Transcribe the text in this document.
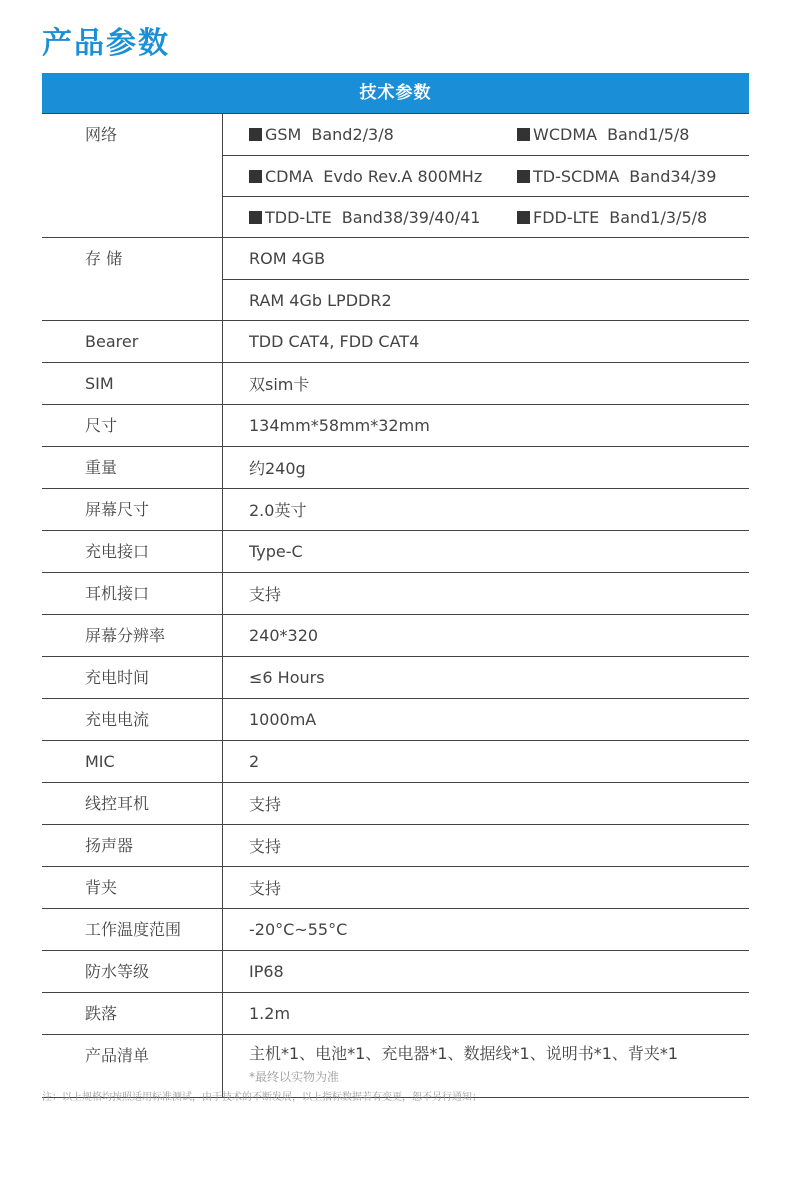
产品参数
技术参数
网络	GSM Band2/3/8	WCDMA Band1/5/8
CDMA Evdo Rev.A 800MHz	TD-SCDMA Band34/39
TDD-LTE Band38/39/40/41	FDD-LTE Band1/3/5/8
存 储	ROM 4GB
RAM 4Gb LPDDR2
Bearer	TDD CAT4, FDD CAT4
SIM	双sim卡
尺寸	134mm*58mm*32mm
重量	约240g
屏幕尺寸	2.0英寸
充电接口	Type-C
耳机接口	支持
屏幕分辨率	240*320
充电时间	≤6 Hours
充电电流	1000mA
MIC	2
线控耳机	支持
扬声器	支持
背夹	支持
工作温度范围	-20°C~55°C
防水等级	IP68
跌落	1.2m
产品清单	主机*1、电池*1、充电器*1、数据线*1、说明书*1、背夹*1
*最终以实物为准
注：以上规格均按照适用标准测试，由于技术的不断发展，以上指标数据若有变更，恕不另行通知；
